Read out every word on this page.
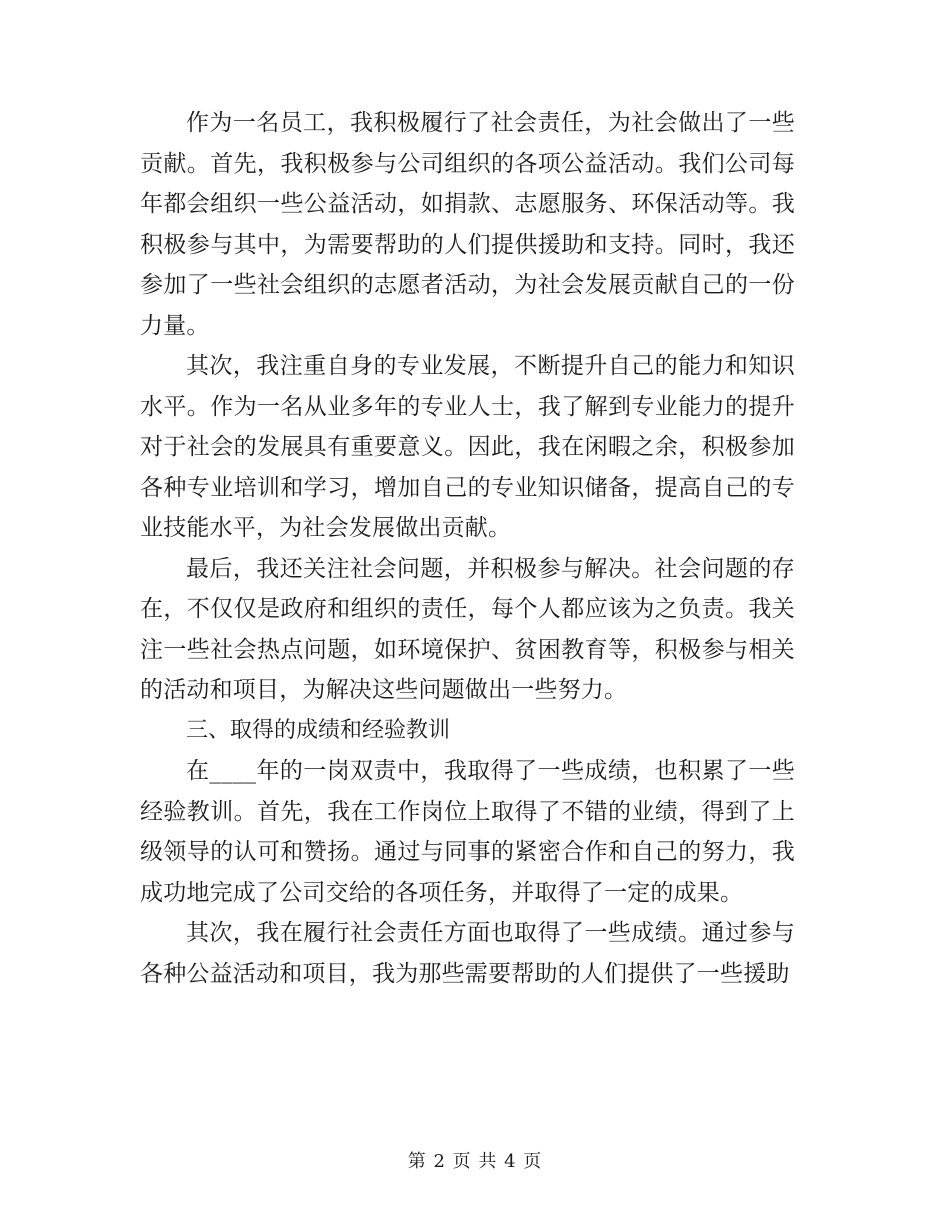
作为一名员工，我积极履行了社会责任，为社会做出了一些贡献。首先，我积极参与公司组织的各项公益活动。我们公司每年都会组织一些公益活动，如捐款、志愿服务、环保活动等。我积极参与其中，为需要帮助的人们提供援助和支持。同时，我还参加了一些社会组织的志愿者活动，为社会发展贡献自己的一份力量。

其次，我注重自身的专业发展，不断提升自己的能力和知识水平。作为一名从业多年的专业人士，我了解到专业能力的提升对于社会的发展具有重要意义。因此，我在闲暇之余，积极参加各种专业培训和学习，增加自己的专业知识储备，提高自己的专业技能水平，为社会发展做出贡献。

最后，我还关注社会问题，并积极参与解决。社会问题的存在，不仅仅是政府和组织的责任，每个人都应该为之负责。我关注一些社会热点问题，如环境保护、贫困教育等，积极参与相关的活动和项目，为解决这些问题做出一些努力。

三、取得的成绩和经验教训

在____年的一岗双责中，我取得了一些成绩，也积累了一些经验教训。首先，我在工作岗位上取得了不错的业绩，得到了上级领导的认可和赞扬。通过与同事的紧密合作和自己的努力，我成功地完成了公司交给的各项任务，并取得了一定的成果。

其次，我在履行社会责任方面也取得了一些成绩。通过参与各种公益活动和项目，我为那些需要帮助的人们提供了一些援助

第 2 页 共 4 页
